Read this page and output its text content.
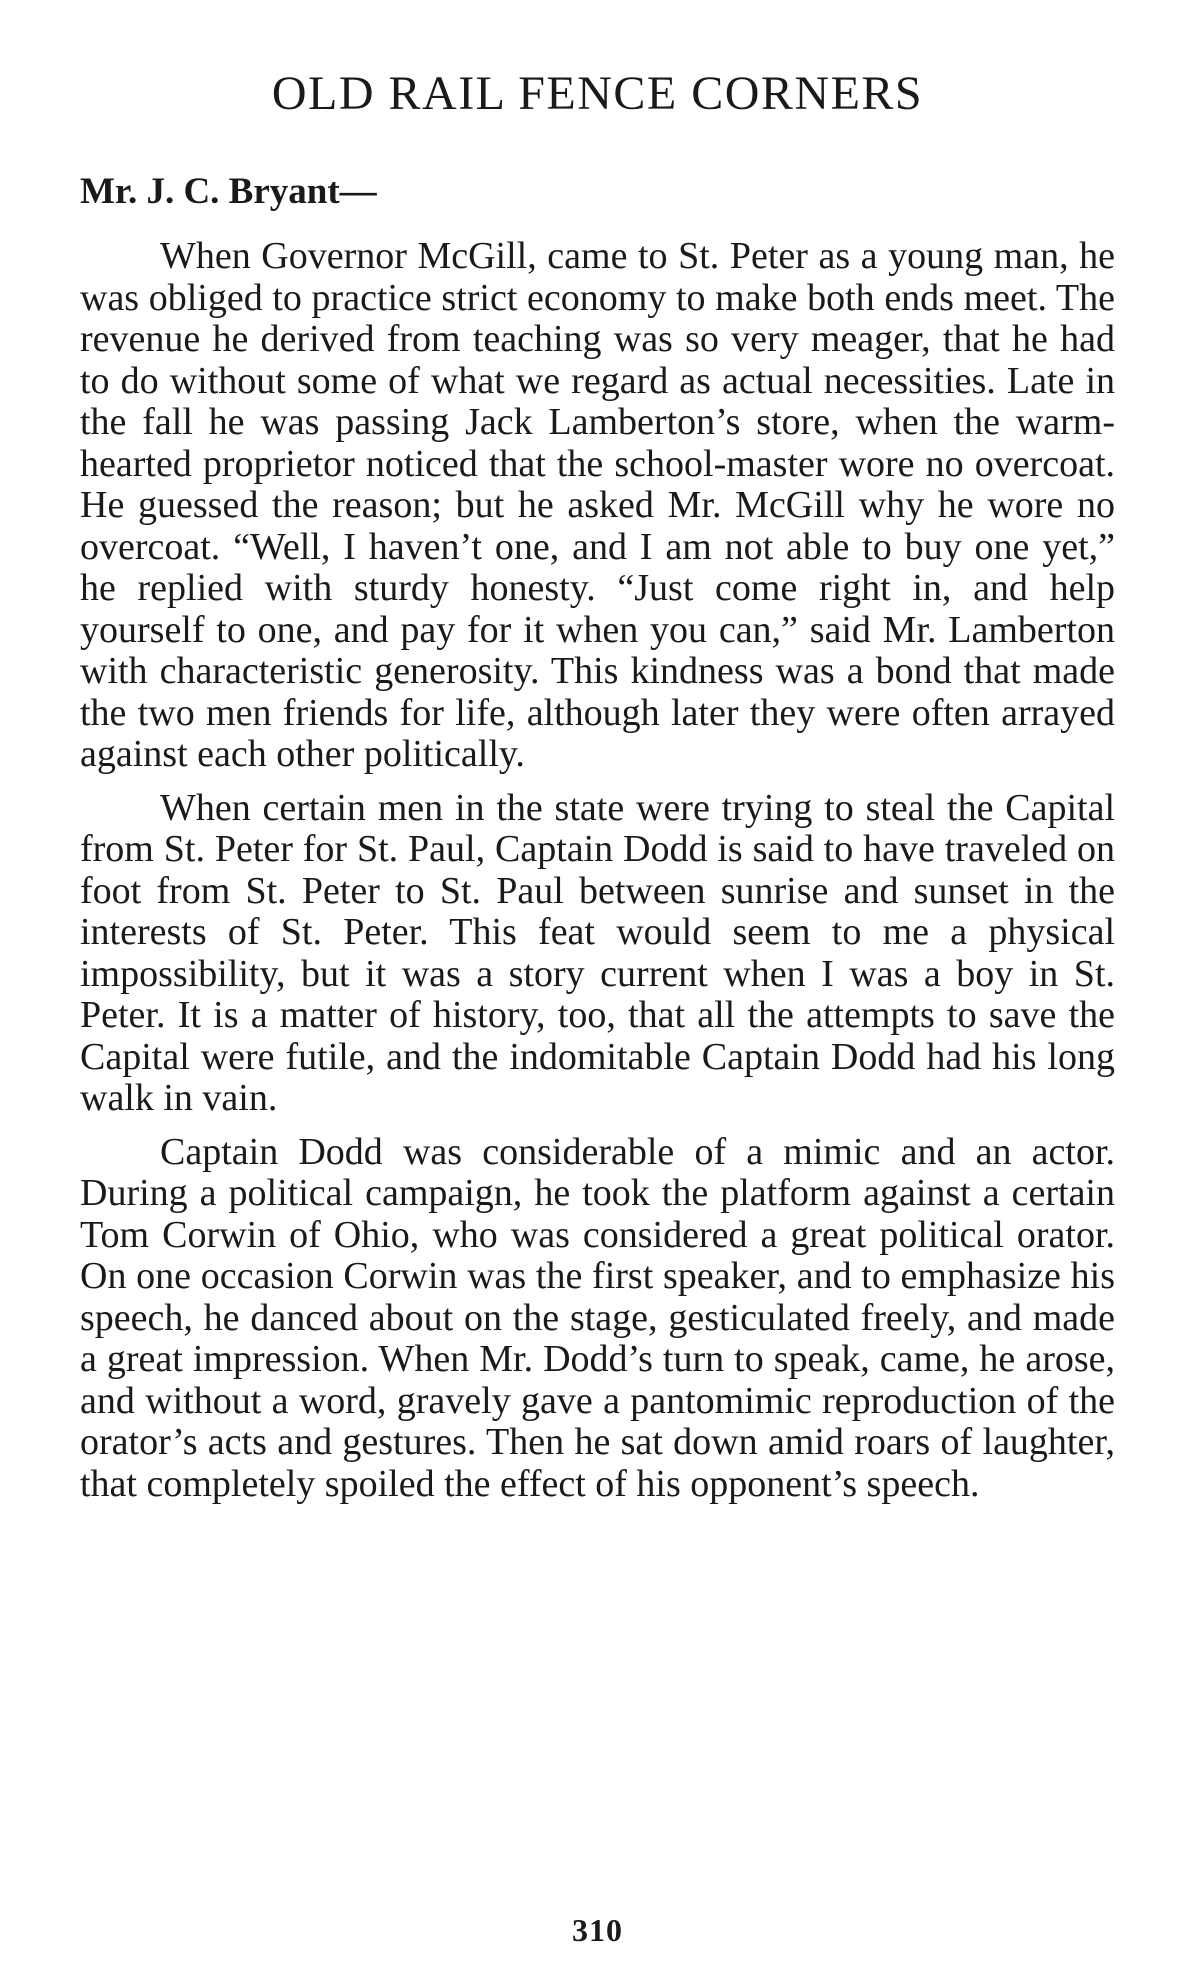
OLD RAIL FENCE CORNERS
Mr. J. C. Bryant—

When Governor McGill, came to St. Peter as a young man, he was obliged to practice strict economy to make both ends meet. The revenue he derived from teaching was so very meager, that he had to do without some of what we regard as actual necessities. Late in the fall he was passing Jack Lamberton’s store, when the warm-hearted proprietor noticed that the school-master wore no overcoat. He guessed the reason; but he asked Mr. McGill why he wore no overcoat. “Well, I haven’t one, and I am not able to buy one yet,” he replied with sturdy honesty. “Just come right in, and help yourself to one, and pay for it when you can,” said Mr. Lamberton with characteristic generosity. This kindness was a bond that made the two men friends for life, although later they were often arrayed against each other politically.

When certain men in the state were trying to steal the Capital from St. Peter for St. Paul, Captain Dodd is said to have traveled on foot from St. Peter to St. Paul between sunrise and sunset in the interests of St. Peter. This feat would seem to me a physical impossibility, but it was a story current when I was a boy in St. Peter. It is a matter of history, too, that all the attempts to save the Capital were futile, and the indomitable Captain Dodd had his long walk in vain.

Captain Dodd was considerable of a mimic and an actor. During a political campaign, he took the platform against a certain Tom Corwin of Ohio, who was considered a great political orator. On one occasion Corwin was the first speaker, and to emphasize his speech, he danced about on the stage, gesticulated freely, and made a great impression. When Mr. Dodd’s turn to speak, came, he arose, and without a word, gravely gave a pantomimic reproduction of the orator’s acts and gestures. Then he sat down amid roars of laughter, that completely spoiled the effect of his opponent’s speech.

310
